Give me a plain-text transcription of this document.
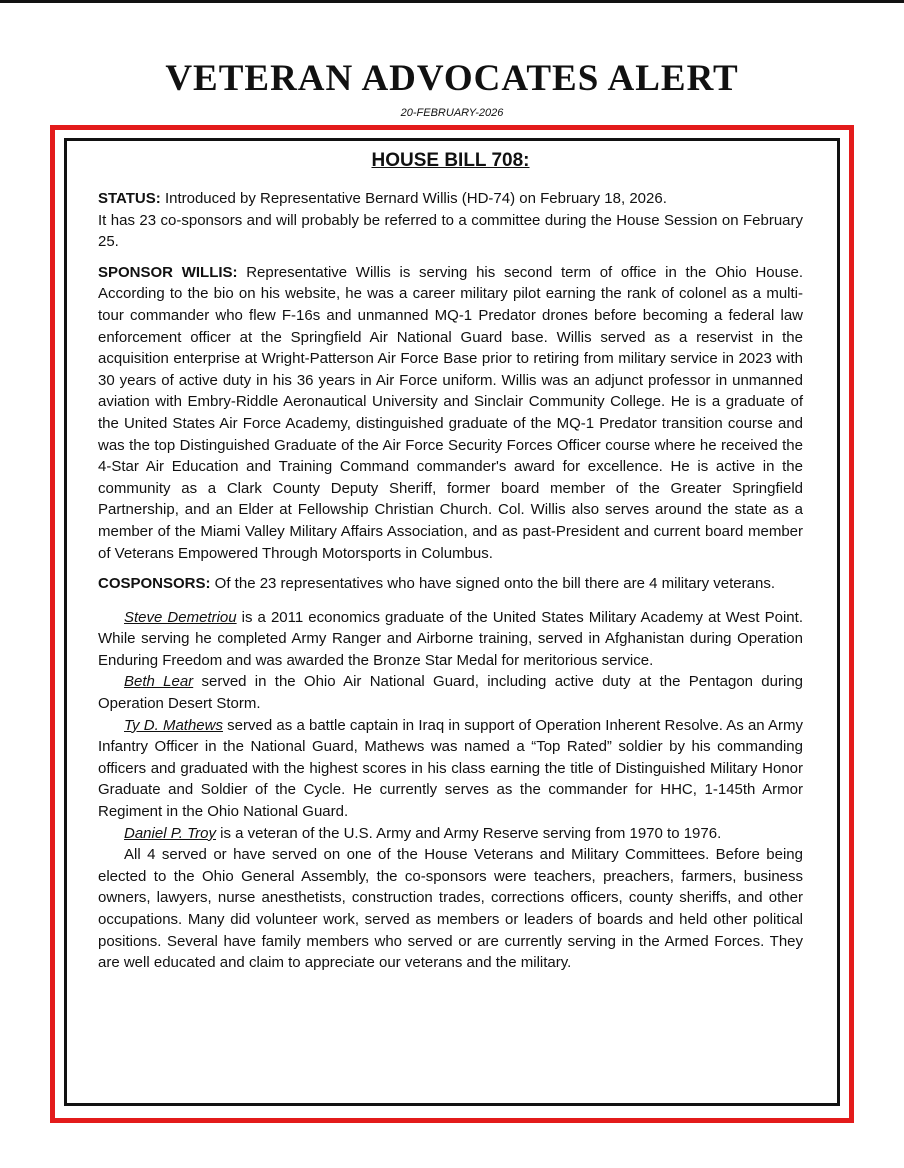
VETERAN ADVOCATES ALERT
20-FEBRUARY-2026
HOUSE BILL 708:

STATUS: Introduced by Representative Bernard Willis (HD-74) on February 18, 2026.

It has 23 co-sponsors and will probably be referred to a committee during the House Session on February 25.

SPONSOR WILLIS: Representative Willis is serving his second term of office in the Ohio House. According to the bio on his website, he was a career military pilot earning the rank of colonel as a multi-tour commander who flew F-16s and unmanned MQ-1 Predator drones before becoming a federal law enforcement officer at the Springfield Air National Guard base. Willis served as a reservist in the acquisition enterprise at Wright-Patterson Air Force Base prior to retiring from military service in 2023 with 30 years of active duty in his 36 years in Air Force uniform. Willis was an adjunct professor in unmanned aviation with Embry-Riddle Aeronautical University and Sinclair Community College. He is a graduate of the United States Air Force Academy, distinguished graduate of the MQ-1 Predator transition course and was the top Distinguished Graduate of the Air Force Security Forces Officer course where he received the 4-Star Air Education and Training Command commander's award for excellence. He is active in the community as a Clark County Deputy Sheriff, former board member of the Greater Springfield Partnership, and an Elder at Fellowship Christian Church. Col. Willis also serves around the state as a member of the Miami Valley Military Affairs Association, and as past-President and current board member of Veterans Empowered Through Motorsports in Columbus.

COSPONSORS: Of the 23 representatives who have signed onto the bill there are 4 military veterans.

Steve Demetriou is a 2011 economics graduate of the United States Military Academy at West Point. While serving he completed Army Ranger and Airborne training, served in Afghanistan during Operation Enduring Freedom and was awarded the Bronze Star Medal for meritorious service.

Beth Lear served in the Ohio Air National Guard, including active duty at the Pentagon during Operation Desert Storm.

Ty D. Mathews served as a battle captain in Iraq in support of Operation Inherent Resolve. As an Army Infantry Officer in the National Guard, Mathews was named a “Top Rated” soldier by his commanding officers and graduated with the highest scores in his class earning the title of Distinguished Military Honor Graduate and Soldier of the Cycle. He currently serves as the commander for HHC, 1-145th Armor Regiment in the Ohio National Guard.

Daniel P. Troy is a veteran of the U.S. Army and Army Reserve serving from 1970 to 1976.

All 4 served or have served on one of the House Veterans and Military Committees. Before being elected to the Ohio General Assembly, the co-sponsors were teachers, preachers, farmers, business owners, lawyers, nurse anesthetists, construction trades, corrections officers, county sheriffs, and other occupations. Many did volunteer work, served as members or leaders of boards and held other political positions. Several have family members who served or are currently serving in the Armed Forces. They are well educated and claim to appreciate our veterans and the military.
